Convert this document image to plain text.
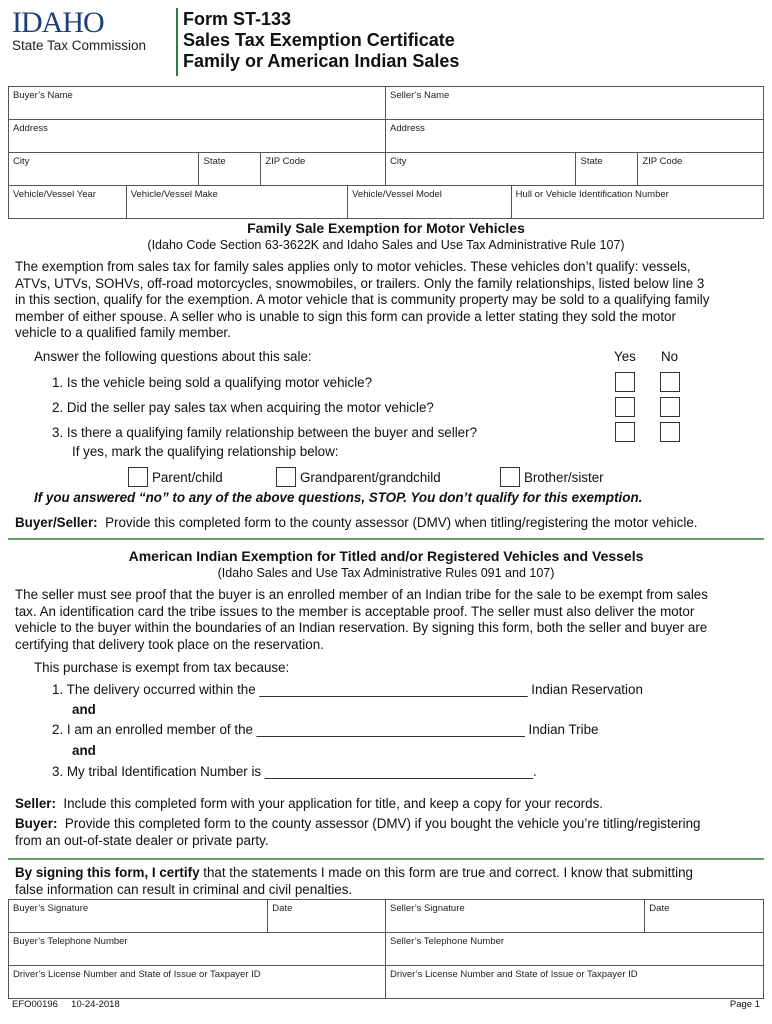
IDAHO
State Tax Commission
Form ST-133
Sales Tax Exemption Certificate
Family or American Indian Sales
Buyer’s Name	Seller’s Name
Address	Address
City	State	ZIP Code	City	State	ZIP Code
Vehicle/Vessel Year	Vehicle/Vessel Make	Vehicle/Vessel Model	Hull or Vehicle Identification Number
Family Sale Exemption for Motor Vehicles
(Idaho Code Section 63-3622K and Idaho Sales and Use Tax Administrative Rule 107)
The exemption from sales tax for family sales applies only to motor vehicles. These vehicles don’t qualify: vessels,
ATVs, UTVs, SOHVs, off-road motorcycles, snowmobiles, or trailers. Only the family relationships, listed below line 3
in this section, qualify for the exemption. A motor vehicle that is community property may be sold to a qualifying family
member of either spouse. A seller who is unable to sign this form can provide a letter stating they sold the motor
vehicle to a qualified family member.
Answer the following questions about this sale:	Yes No
1. Is the vehicle being sold a qualifying motor vehicle?
2. Did the seller pay sales tax when acquiring the motor vehicle?
3. Is there a qualifying family relationship between the buyer and seller?
If yes, mark the qualifying relationship below:
Parent/child	Grandparent/grandchild	Brother/sister
If you answered “no” to any of the above questions, STOP. You don’t qualify for this exemption.
Buyer/Seller: Provide this completed form to the county assessor (DMV) when titling/registering the motor vehicle.
American Indian Exemption for Titled and/or Registered Vehicles and Vessels
(Idaho Sales and Use Tax Administrative Rules 091 and 107)
The seller must see proof that the buyer is an enrolled member of an Indian tribe for the sale to be exempt from sales
tax. An identification card the tribe issues to the member is acceptable proof. The seller must also deliver the motor
vehicle to the buyer within the boundaries of an Indian reservation. By signing this form, both the seller and buyer are
certifying that delivery took place on the reservation.
This purchase is exempt from tax because:
1. The delivery occurred within the ____________________________________ Indian Reservation
and
2. I am an enrolled member of the ____________________________________ Indian Tribe
and
3. My tribal Identification Number is ____________________________________.
Seller: Include this completed form with your application for title, and keep a copy for your records.
Buyer: Provide this completed form to the county assessor (DMV) if you bought the vehicle you’re titling/registering
from an out-of-state dealer or private party.
By signing this form, I certify that the statements I made on this form are true and correct. I know that submitting
false information can result in criminal and civil penalties.
Buyer’s Signature	Date	Seller’s Signature	Date
Buyer’s Telephone Number	Seller’s Telephone Number
Driver’s License Number and State of Issue or Taxpayer ID	Driver’s License Number and State of Issue or Taxpayer ID
EFO00196 10-24-2018	Page 1
